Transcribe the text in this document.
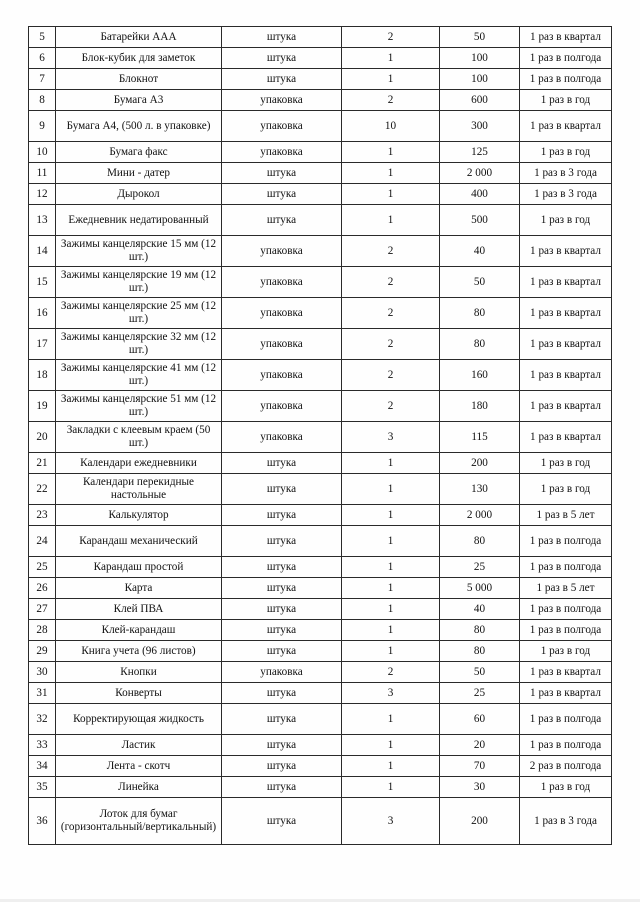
5	Батарейки ААА	штука	2	50	1 раз в квартал
6	Блок-кубик для заметок	штука	1	100	1 раз в полгода
7	Блокнот	штука	1	100	1 раз в полгода
8	Бумага А3	упаковка	2	600	1 раз в год
9	Бумага А4, (500 л. в упаковке)	упаковка	10	300	1 раз в квартал
10	Бумага факс	упаковка	1	125	1 раз в год
11	Мини - датер	штука	1	2 000	1 раз в 3 года
12	Дырокол	штука	1	400	1 раз в 3 года
13	Ежедневник недатированный	штука	1	500	1 раз в год
14	Зажимы канцелярские 15 мм (12 шт.)	упаковка	2	40	1 раз в квартал
15	Зажимы канцелярские 19 мм (12 шт.)	упаковка	2	50	1 раз в квартал
16	Зажимы канцелярские 25 мм (12 шт.)	упаковка	2	80	1 раз в квартал
17	Зажимы канцелярские 32 мм (12 шт.)	упаковка	2	80	1 раз в квартал
18	Зажимы канцелярские 41 мм (12 шт.)	упаковка	2	160	1 раз в квартал
19	Зажимы канцелярские 51 мм (12 шт.)	упаковка	2	180	1 раз в квартал
20	Закладки с клеевым краем (50 шт.)	упаковка	3	115	1 раз в квартал
21	Календари ежедневники	штука	1	200	1 раз в год
22	Календари перекидные настольные	штука	1	130	1 раз в год
23	Калькулятор	штука	1	2 000	1 раз в 5 лет
24	Карандаш механический	штука	1	80	1 раз в полгода
25	Карандаш простой	штука	1	25	1 раз в полгода
26	Карта	штука	1	5 000	1 раз в 5 лет
27	Клей ПВА	штука	1	40	1 раз в полгода
28	Клей-карандаш	штука	1	80	1 раз в полгода
29	Книга учета (96 листов)	штука	1	80	1 раз в год
30	Кнопки	упаковка	2	50	1 раз в квартал
31	Конверты	штука	3	25	1 раз в квартал
32	Корректирующая жидкость	штука	1	60	1 раз в полгода
33	Ластик	штука	1	20	1 раз в полгода
34	Лента - скотч	штука	1	70	2 раз в полгода
35	Линейка	штука	1	30	1 раз в год
36	Лоток для бумаг (горизонтальный/вертикальный)	штука	3	200	1 раз в 3 года
